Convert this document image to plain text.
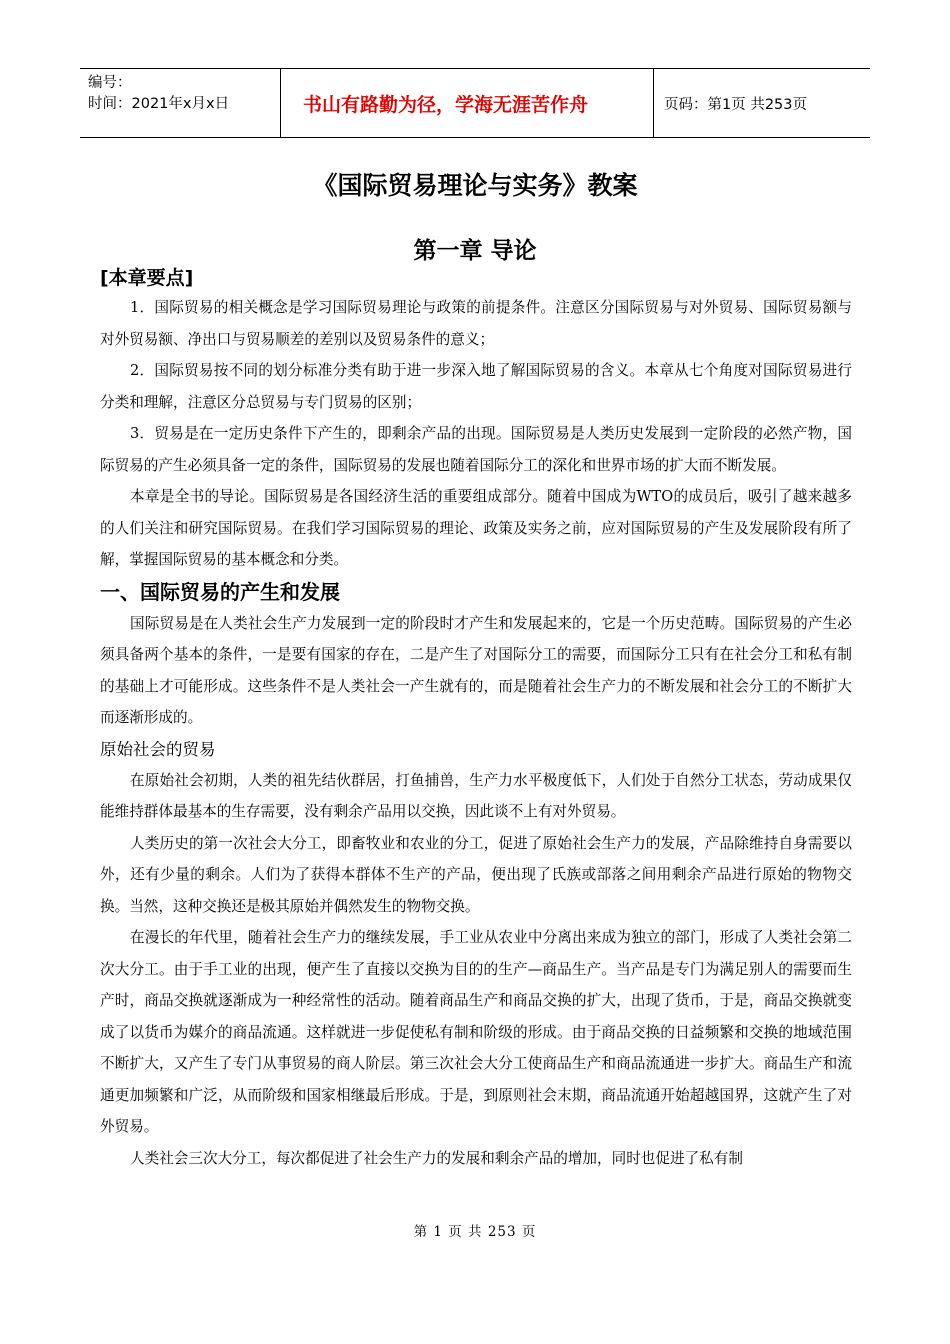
编号：
时间：2021年x月x日	书山有路勤为径，学海无涯苦作舟	页码：第1页 共253页
《国际贸易理论与实务》教案
第一章 导论

[本章要点]

1．国际贸易的相关概念是学习国际贸易理论与政策的前提条件。注意区分国际贸易与对外贸易、国际贸易额与对外贸易额、净出口与贸易顺差的差别以及贸易条件的意义；

2．国际贸易按不同的划分标准分类有助于进一步深入地了解国际贸易的含义。本章从七个角度对国际贸易进行分类和理解，注意区分总贸易与专门贸易的区别；

3．贸易是在一定历史条件下产生的，即剩余产品的出现。国际贸易是人类历史发展到一定阶段的必然产物，国际贸易的产生必须具备一定的条件，国际贸易的发展也随着国际分工的深化和世界市场的扩大而不断发展。

本章是全书的导论。国际贸易是各国经济生活的重要组成部分。随着中国成为WTO的成员后，吸引了越来越多的人们关注和研究国际贸易。在我们学习国际贸易的理论、政策及实务之前，应对国际贸易的产生及发展阶段有所了解，掌握国际贸易的基本概念和分类。

一、国际贸易的产生和发展

国际贸易是在人类社会生产力发展到一定的阶段时才产生和发展起来的，它是一个历史范畴。国际贸易的产生必须具备两个基本的条件，一是要有国家的存在，二是产生了对国际分工的需要，而国际分工只有在社会分工和私有制的基础上才可能形成。这些条件不是人类社会一产生就有的，而是随着社会生产力的不断发展和社会分工的不断扩大而逐渐形成的。

原始社会的贸易

在原始社会初期，人类的祖先结伙群居，打鱼捕兽，生产力水平极度低下，人们处于自然分工状态，劳动成果仅能维持群体最基本的生存需要，没有剩余产品用以交换，因此谈不上有对外贸易。

人类历史的第一次社会大分工，即畜牧业和农业的分工，促进了原始社会生产力的发展，产品除维持自身需要以外，还有少量的剩余。人们为了获得本群体不生产的产品，便出现了氏族或部落之间用剩余产品进行原始的物物交换。当然，这种交换还是极其原始并偶然发生的物物交换。

在漫长的年代里，随着社会生产力的继续发展，手工业从农业中分离出来成为独立的部门，形成了人类社会第二次大分工。由于手工业的出现，便产生了直接以交换为目的的生产—商品生产。当产品是专门为满足别人的需要而生产时，商品交换就逐渐成为一种经常性的活动。随着商品生产和商品交换的扩大，出现了货币，于是，商品交换就变成了以货币为媒介的商品流通。这样就进一步促使私有制和阶级的形成。由于商品交换的日益频繁和交换的地域范围不断扩大，又产生了专门从事贸易的商人阶层。第三次社会大分工使商品生产和商品流通进一步扩大。商品生产和流通更加频繁和广泛，从而阶级和国家相继最后形成。于是，到原则社会末期，商品流通开始超越国界，这就产生了对外贸易。

人类社会三次大分工，每次都促进了社会生产力的发展和剩余产品的增加，同时也促进了私有制

第 1 页 共 253 页
